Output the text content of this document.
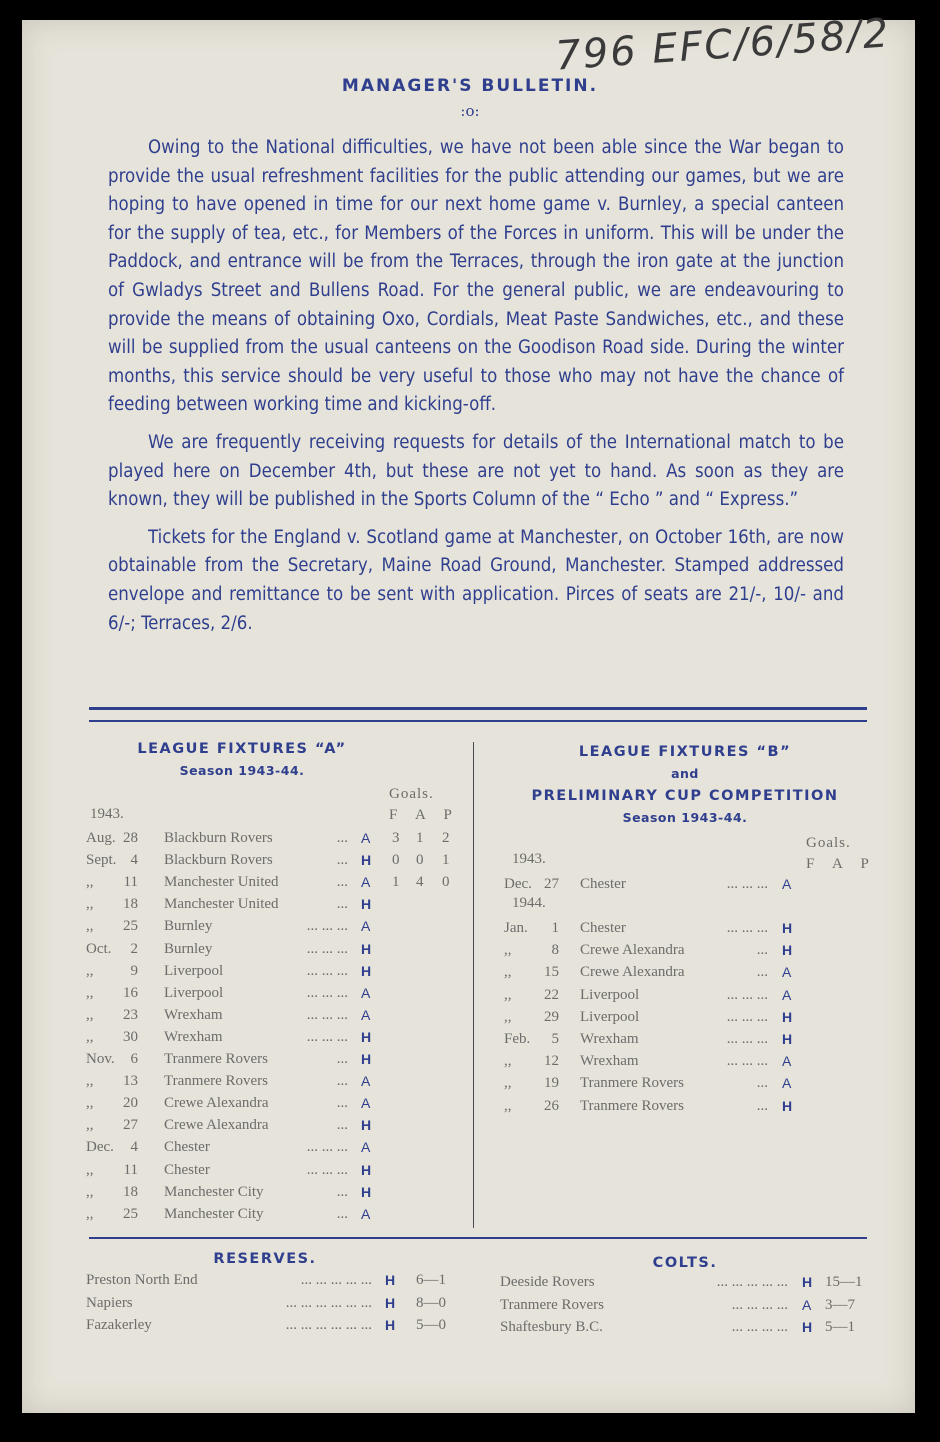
796 EFC/6/58/2
MANAGER'S BULLETIN.
:o:

Owing to the National difficulties, we have not been able since the War began to provide the usual refreshment facilities for the public attending our games, but we are hoping to have opened in time for our next home game v. Burnley, a special canteen for the supply of tea, etc., for Members of the Forces in uniform. This will be under the Paddock, and entrance will be from the Terraces, through the iron gate at the junction of Gwladys Street and Bullens Road. For the general public, we are endeavouring to provide the means of obtaining Oxo, Cordials, Meat Paste Sandwiches, etc., and these will be supplied from the usual canteens on the Goodison Road side. During the winter months, this service should be very useful to those who may not have the chance of feeding between working time and kicking-off.

We are frequently receiving requests for details of the International match to be played here on December 4th, but these are not yet to hand. As soon as they are known, they will be published in the Sports Column of the “ Echo ” and “ Express.”

Tickets for the England v. Scotland game at Manchester, on October 16th, are now obtainable from the Secretary, Maine Road Ground, Manchester. Stamped addressed envelope and remittance to be sent with application. Pirces of seats are 21/-, 10/- and 6/-; Terraces, 2/6.

LEAGUE FIXTURES “A”
Season 1943-44.
Goals.
F  A  P
1943.
Aug. 28 Blackburn Rovers	... A 3 1 2
Sept. 4 Blackburn Rovers	... H 0 0 1
,,	11 Manchester United	... A 1 4 0
,,	18 Manchester United	... H
,,	25 Burnley	... ... ... A
Oct.	2 Burnley	... ... ... H
,,	9 Liverpool	... ... ... H
,,	16 Liverpool	... ... ... A
,,	23 Wrexham	... ... ... A
,,	30 Wrexham	... ... ... H
Nov.	6 Tranmere Rovers	... H
,,	13 Tranmere Rovers	... A
,,	20 Crewe Alexandra	... A
,,	27 Crewe Alexandra	... H
Dec.	4 Chester	... ... ... A
,,	11 Chester	... ... ... H
,,	18 Manchester City	... H
,,	25 Manchester City	... A
LEAGUE FIXTURES “B”
and
PRELIMINARY CUP COMPETITION
Season 1943-44.
Goals.
F  A  P
1943.
1944.
Dec. 27 Chester	... ... ... A
Jan.	1 Chester	... ... ... H
,,	8 Crewe Alexandra	... H
,,	15 Crewe Alexandra	... A
,,	22 Liverpool	... ... ... A
,,	29 Liverpool	... ... ... H
Feb.	5 Wrexham	... ... ... H
,,	12 Wrexham	... ... ... A
,,	19 Tranmere Rovers	... A
,,	26 Tranmere Rovers	... H
RESERVES.	COLTS.
Preston North End	... ... ... ... ... H 6—1
Napiers	... ... ... ... ... ... H 8—0
Fazakerley	... ... ... ... ... ... H 5—0
Deeside Rovers	... ... ... ... ... H 15—1
Tranmere Rovers	... ... ... ... A 3—7
Shaftesbury B.C.	... ... ... ... H 5—1
